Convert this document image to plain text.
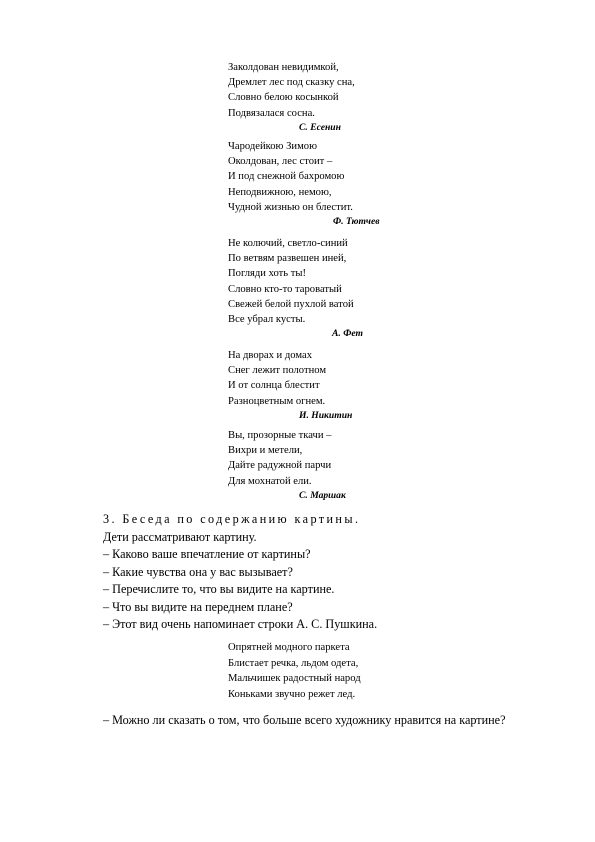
Заколдован невидимкой,
Дремлет лес под сказку сна,
Словно белою косынкой
Подвязалася сосна.
С. Есенин
Чародейкою Зимою
Околдован, лес стоит –
И под снежной бахромою
Неподвижною, немою,
Чудной жизнью он блестит.
Ф. Тютчев
Не колючий, светло-синий
По ветвям развешен иней,
Погляди хоть ты!
Словно кто-то тароватый
Свежей белой пухлой ватой
Все убрал кусты.
А. Фет
На дворах и домах
Снег лежит полотном
И от солнца блестит
Разноцветным огнем.
И. Никитин
Вы, прозорные ткачи –
Вихри и метели,
Дайте радужной парчи
Для мохнатой ели.
С. Маршак
3. Беседа по содержанию картины.
Дети рассматривают картину.
– Каково ваше впечатление от картины?
– Какие чувства она у вас вызывает?
– Перечислите то, что вы видите на картине.
– Что вы видите на переднем плане?
– Этот вид очень напоминает строки А. С. Пушкина.
Опрятней модного паркета
Блистает речка, льдом одета,
Мальчишек радостный народ
Коньками звучно режет лед.
– Можно ли сказать о том, что больше всего художнику нравится на картине?
